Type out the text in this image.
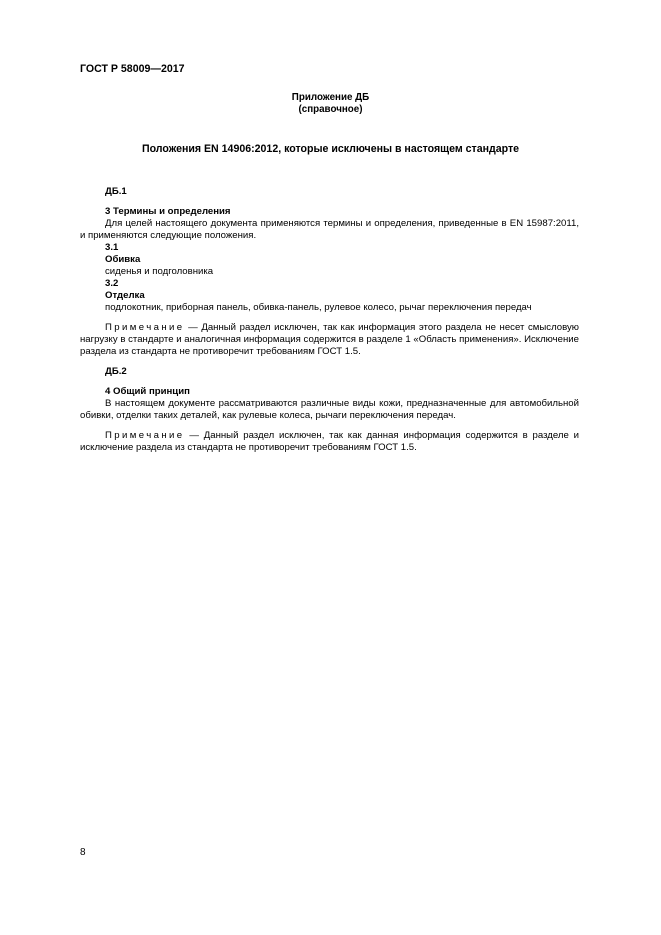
ГОСТ Р 58009—2017
Приложение ДБ
(справочное)
Положения EN 14906:2012, которые исключены в настоящем стандарте

ДБ.1

3 Термины и определения

Для целей настоящего документа применяются термины и определения, приведенные в EN 15987:2011, и применяются следующие положения.

3.1

Обивка

сиденья и подголовника

3.2

Отделка

подлокотник, приборная панель, обивка-панель, рулевое колесо, рычаг переключения передач

Примечание — Данный раздел исключен, так как информация этого раздела не несет смысловую нагрузку в стандарте и аналогичная информация содержится в разделе 1 «Область применения». Исключение раздела из стандарта не противоречит требованиям ГОСТ 1.5.

ДБ.2

4 Общий принцип

В настоящем документе рассматриваются различные виды кожи, предназначенные для автомобильной обивки, отделки таких деталей, как рулевые колеса, рычаги переключения передач.

Примечание — Данный раздел исключен, так как данная информация содержится в разделе и исключение раздела из стандарта не противоречит требованиям ГОСТ 1.5.

8
